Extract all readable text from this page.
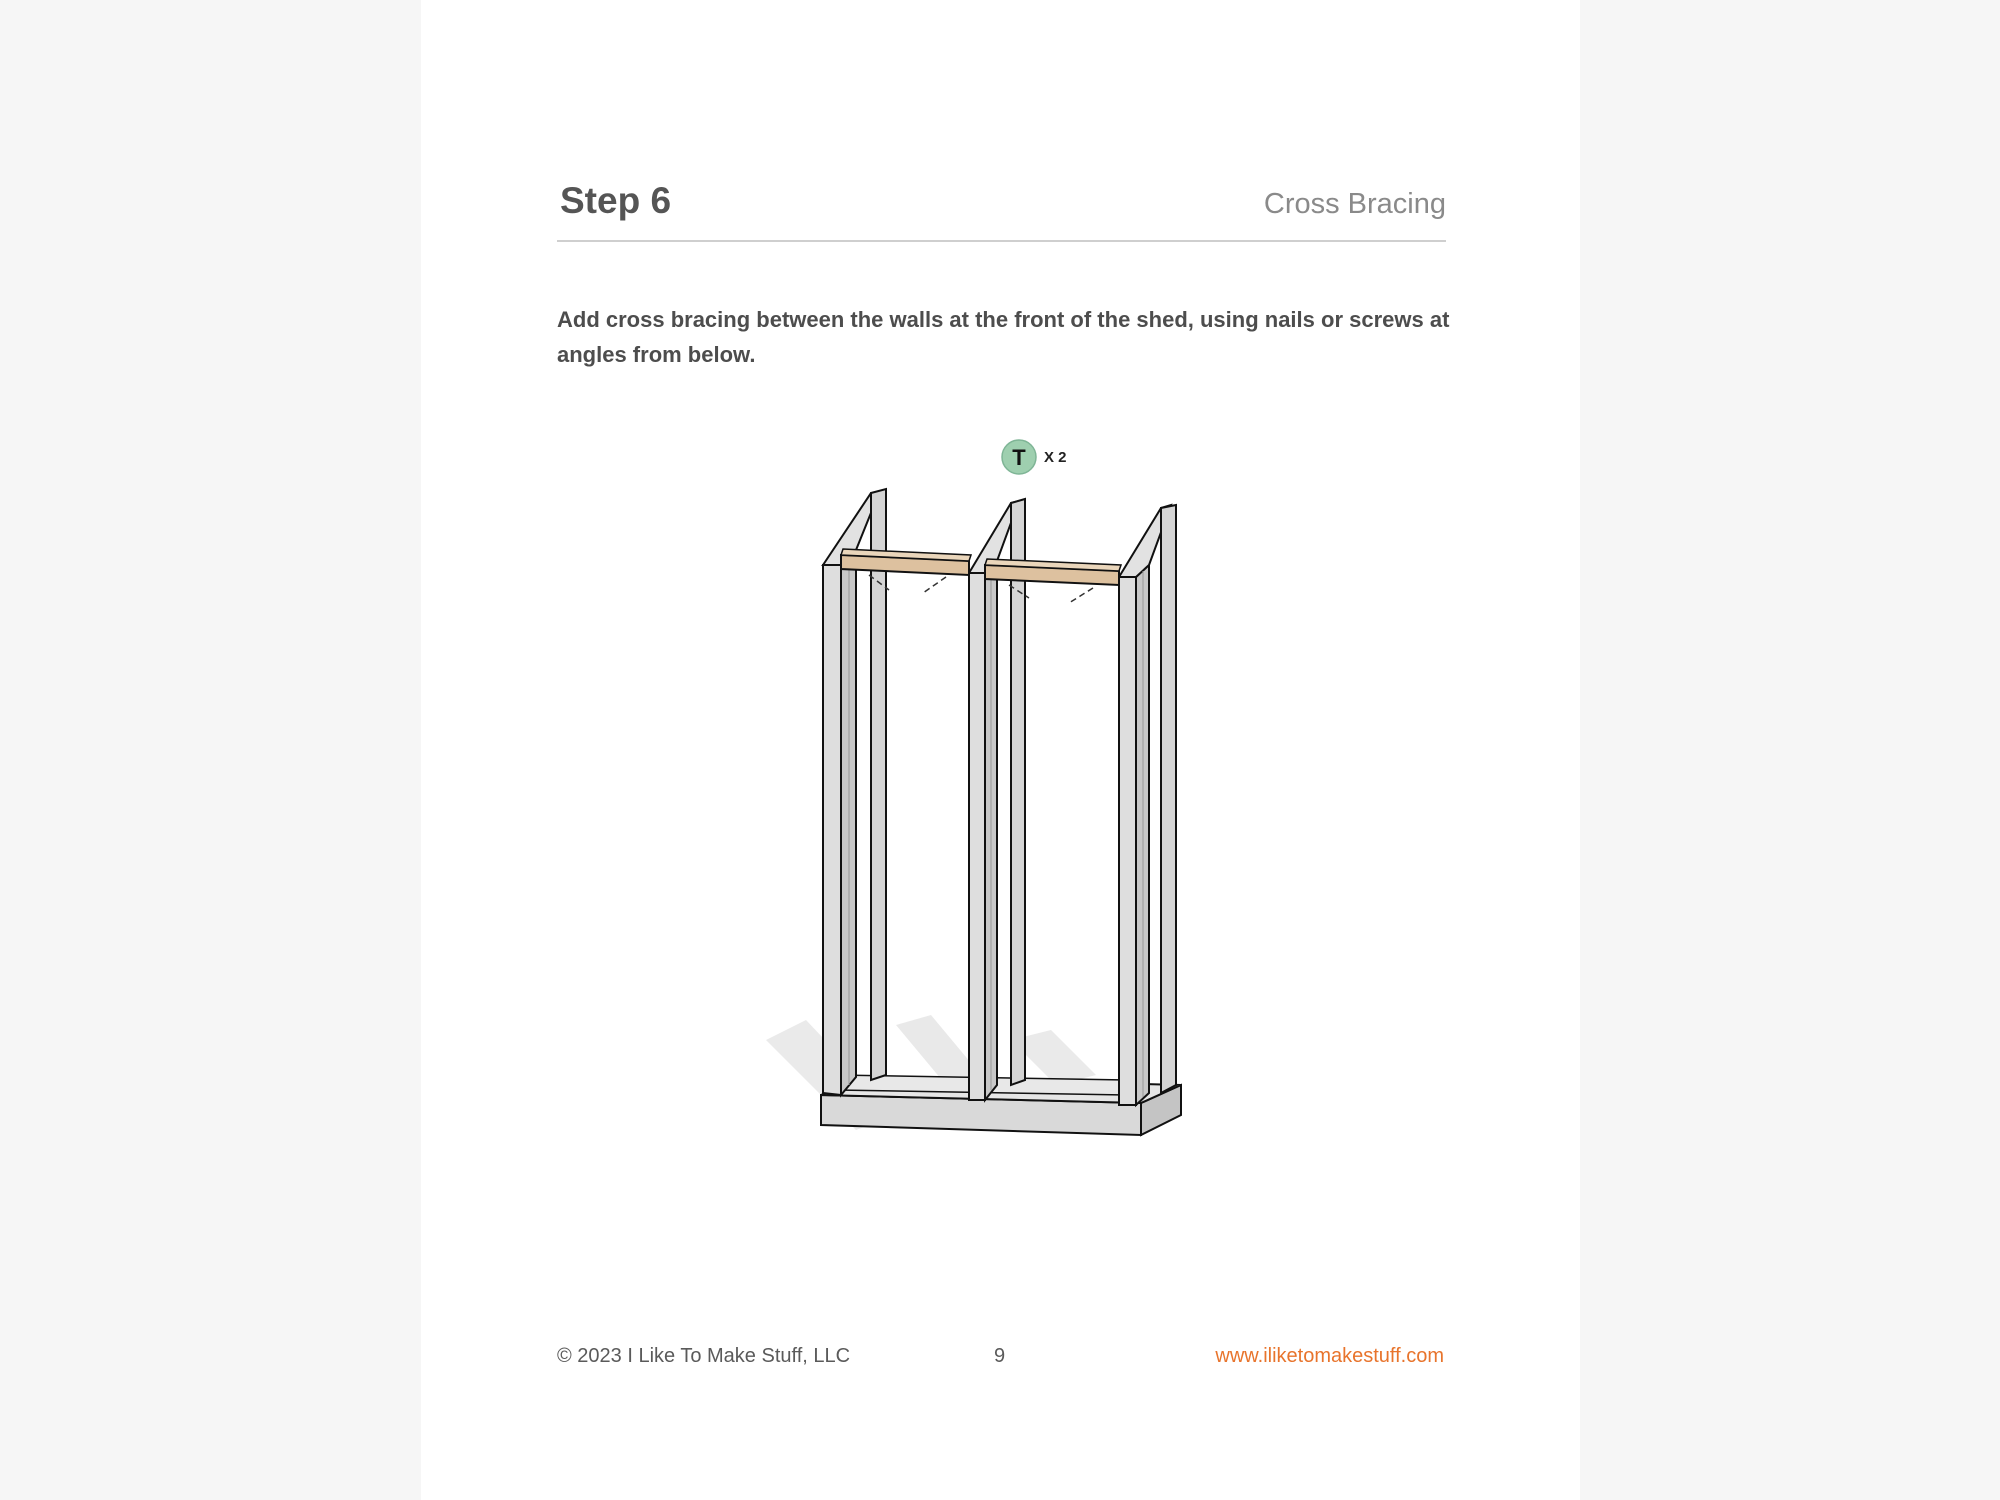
Step 6	Cross Bracing
Add cross bracing between the walls at the front of the shed, using nails or screws at angles from below.
T X 2
© 2023 I Like To Make Stuff, LLC	9	www.iliketomakestuff.com
